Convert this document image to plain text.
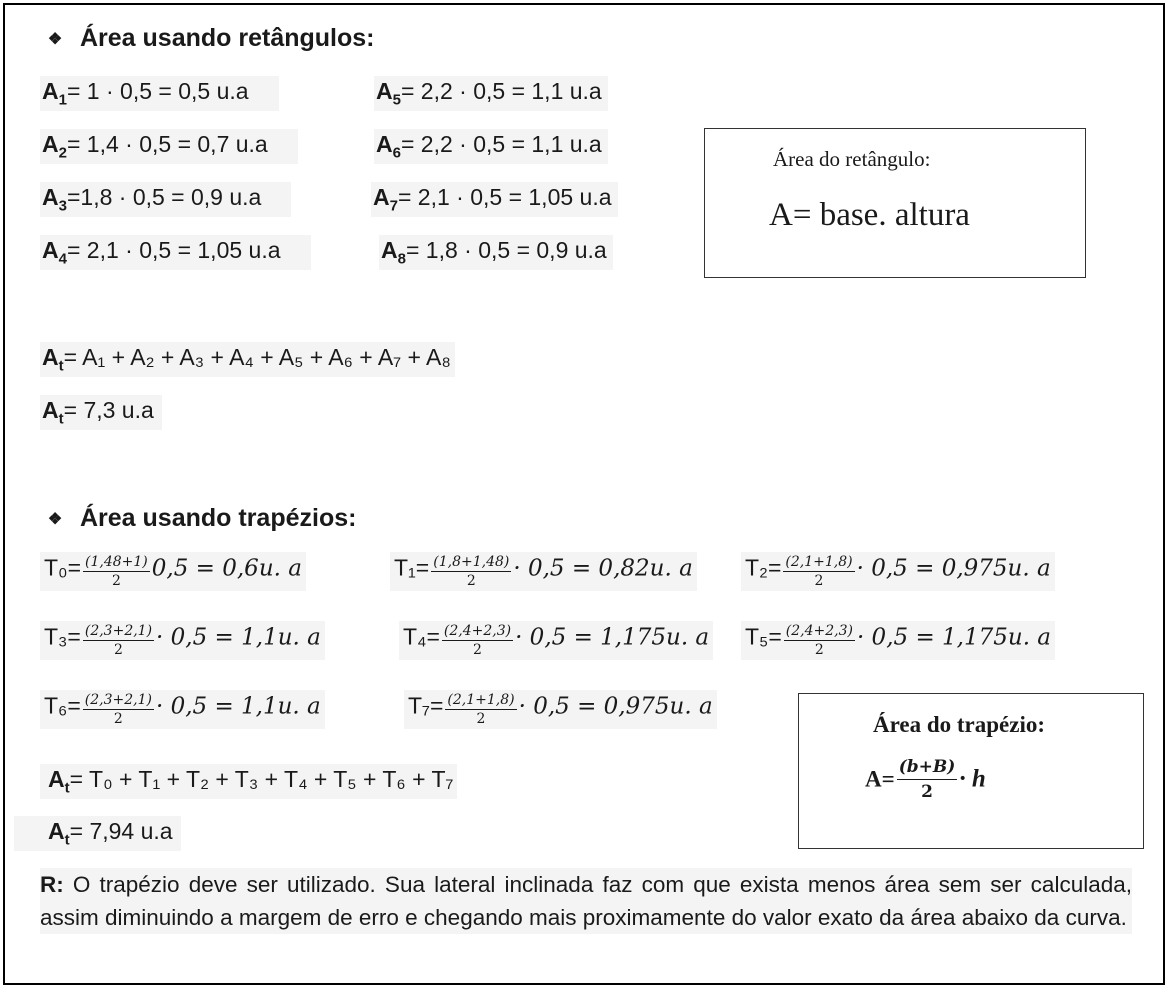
❖ Área usando retângulos:
$A_1= 1 \cdot 0,5 = 0,5$ u.a
$A_2= 1,4 \cdot 0,5 = 0,7$ u.a
$A_3=1,8 \cdot 0,5 = 0,9$ u.a
$A_4= 2,1 \cdot 0,5 = 1,05$ u.a
$A_5= 2,2 \cdot 0,5 = 1,1$ u.a
$A_6= 2,2 \cdot 0,5 = 1,1$ u.a
$A_7= 2,1 \cdot 0,5 = 1,05$ u.a
$A_8= 1,8 \cdot 0,5 = 0,9$ u.a
Área do retângulo:
A= base. altura
$A_t= A_1 + A_2 + A_3 + A_4 + A_5 + A_6 + A_7 + A_8$
$A_t= 7,3$ u.a
❖ Área usando trapézios:
$T_0= \frac{(1,48+1)}{2} 0,5 = 0,6u$. a	$T_1= \frac{(1,8+1,48)}{2} \cdot 0,5 = 0,82u$. a $T_2= \frac{(2,1+1,8)}{2} \cdot 0,5 = 0,975u$. a
$T_3= \frac{(2,3+2,1)}{2} \cdot 0,5 = 1,1u$. a	$T_4= \frac{(2,4+2,3)}{2} \cdot 0,5 = 1,175u$. a $T_5= \frac{(2,4+2,3)}{2} \cdot 0,5 = 1,175u$. a
$T_6= \frac{(2,3+2,1)}{2} \cdot 0,5 = 1,1u$. a	$T_7= \frac{(2,1+1,8)}{2} \cdot 0,5 = 0,975u$. a
$A_t= T_0 + T_1 + T_2 + T_3 + T_4 + T_5 + T_6 + T_7$
$A_t= 7,94$ u.a
Área do trapézio:
$A= \frac{(b+B)}{2} \cdot h$
R: O trapézio deve ser utilizado. Sua lateral inclinada faz com que exista menos área sem ser calculada, assim diminuindo a margem de erro e chegando mais proximamente do valor exato da área abaixo da curva.
